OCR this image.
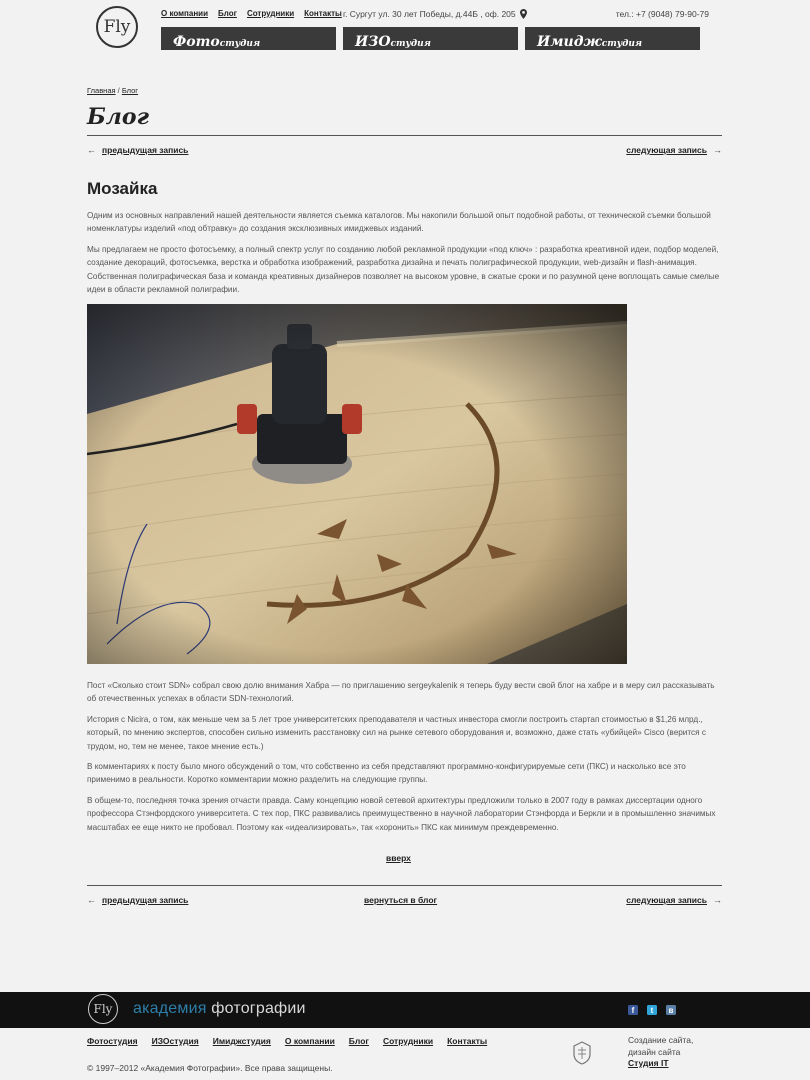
Fly
О компании Блог Сотрудники Контакты г. Сургут ул. 30 лет Победы, д.44Б , оф. 205	тел.: +7 (9048) 79-90-79
Фотостудия	ИЗОстудия	Имиджстудия
Главная / Блог
Блог
← предыдущая запись	следующая запись →
Мозайка

Одним из основных направлений нашей деятельности является съемка каталогов. Мы накопили большой опыт подобной работы, от технической съемки большой номенклатуры изделий «под обтравку» до создания эксклюзивных имиджевых изданий.

Мы предлагаем не просто фотосъемку, а полный спектр услуг по созданию любой рекламной продукции «под ключ» : разработка креативной идеи, подбор моделей, создание декораций, фотосъемка, верстка и обработка изображений, разработка дизайна и печать полиграфической продукции, web-дизайн и flash-анимация. Собственная полиграфическая база и команда креативных дизайнеров позволяет на высоком уровне, в сжатые сроки и по разумной цене воплощать самые смелые идеи в области рекламной полиграфии.

Пост «Сколько стоит SDN» собрал свою долю внимания Хабра — по приглашению sergeykalenik я теперь буду вести свой блог на хабре и в меру сил рассказывать об отечественных успехах в области SDN-технологий.

История с Nicira, о том, как меньше чем за 5 лет трое университетских преподавателя и частных инвестора смогли построить стартап стоимостью в $1,26 млрд., который, по мнению экспертов, способен сильно изменить расстановку сил на рынке сетевого оборудования и, возможно, даже стать «убийцей» Cisco (верится с трудом, но, тем не менее, такое мнение есть.)

В комментариях к посту было много обсуждений о том, что собственно из себя представляют программно-конфигурируемые сети (ПКС) и насколько все это применимо в реальности. Коротко комментарии можно разделить на следующие группы.

В общем-то, последняя точка зрения отчасти правда. Саму концепцию новой сетевой архитектуры предложили только в 2007 году в рамках диссертации одного профессора Стэнфордского университета. С тех пор, ПКС развивались преимущественно в научной лаборатории Стэнфорда и Беркли и в промышленно значимых масштабах ее еще никто не пробовал. Поэтому как «идеализировать», так «хоронить» ПКС как минимум преждевременно.

вверх
← предыдущая запись	вернуться в блог	следующая запись →
Fly академия фотографии	f	t	в
Фотостудия ИЗОстудия Имиджстудия О компании Блог Сотрудники Контакты	Создание сайта,
дизайн сайта
Студия IT
© 1997–2012 «Академия Фотографии». Все права защищены.
